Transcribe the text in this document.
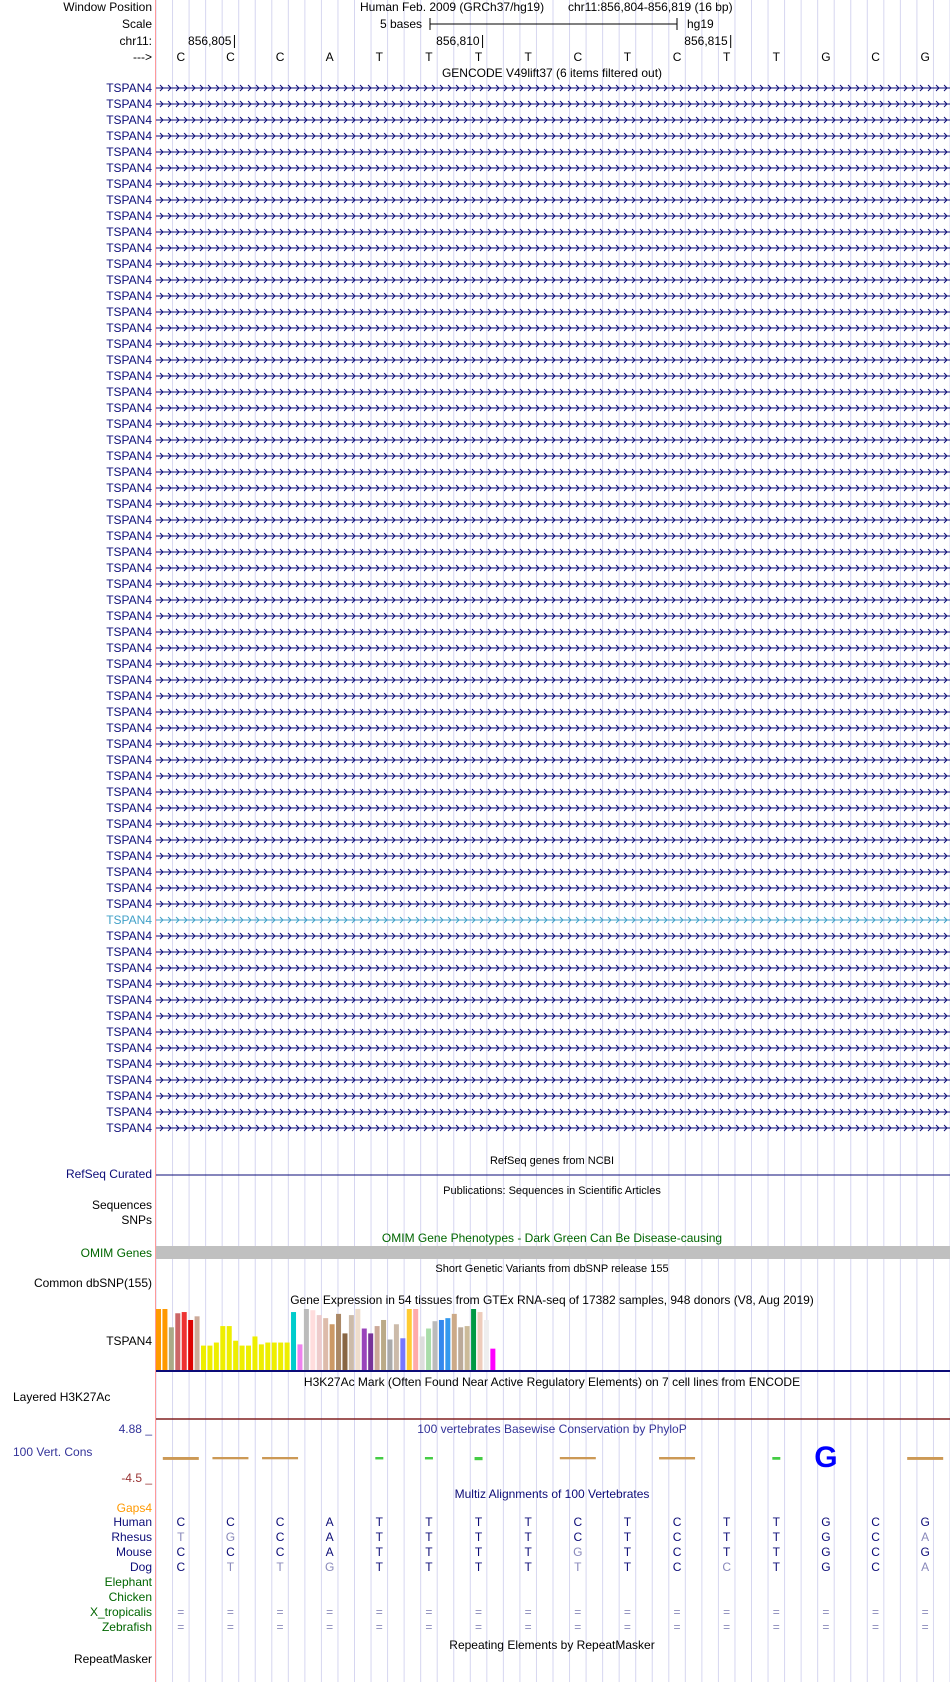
G
Window Position
Scale
chr11:
--->
Human Feb. 2009 (GRCh37/hg19) chr11:856,804-856,819 (16 bp)
5 bases	hg19
GENCODE V49lift37 (6 items filtered out)
RefSeq genes from NCBI
RefSeq Curated
Publications: Sequences in Scientific Articles
Sequences
SNPs
OMIM Gene Phenotypes - Dark Green Can Be Disease-causing
OMIM Genes
Short Genetic Variants from dbSNP release 155
Common dbSNP(155)
Gene Expression in 54 tissues from GTEx RNA-seq of 17382 samples, 948 donors (V8, Aug 2019)
TSPAN4
H3K27Ac Mark (Often Found Near Active Regulatory Elements) on 7 cell lines from ENCODE
Layered H3K27Ac
100 vertebrates Basewise Conservation by PhyloP
4.88 _
100 Vert. Cons
-4.5 _
Multiz Alignments of 100 Vertebrates
Gaps4
Repeating Elements by RepeatMasker
RepeatMasker
856,805	856,810	856,815
C	C	C	A	T	T	T	T	C	T	C	T	T	G	C	G
TSPAN4
TSPAN4
TSPAN4
TSPAN4
TSPAN4
TSPAN4
TSPAN4
TSPAN4
TSPAN4
TSPAN4
TSPAN4
TSPAN4
TSPAN4
TSPAN4
TSPAN4
TSPAN4
TSPAN4
TSPAN4
TSPAN4
TSPAN4
TSPAN4
TSPAN4
TSPAN4
TSPAN4
TSPAN4
TSPAN4
TSPAN4
TSPAN4
TSPAN4
TSPAN4
TSPAN4
TSPAN4
TSPAN4
TSPAN4
TSPAN4
TSPAN4
TSPAN4
TSPAN4
TSPAN4
TSPAN4
TSPAN4
TSPAN4
TSPAN4
TSPAN4
TSPAN4
TSPAN4
TSPAN4
TSPAN4
TSPAN4
TSPAN4
TSPAN4
TSPAN4
TSPAN4
TSPAN4
TSPAN4
TSPAN4
TSPAN4
TSPAN4
TSPAN4
TSPAN4
TSPAN4
TSPAN4
TSPAN4
TSPAN4
TSPAN4
TSPAN4
Human C	C	C	A	T	T	T	T	C	T	C	T	T	G	C	G
Rhesus T	G	C	A	T	T	T	T	C	T	C	T	T	G	C	A
Mouse C	C	C	A	T	T	T	T	G	T	C	T	T	G	C	G
Dog C	T	T	G	T	T	T	T	T	T	C	C	T	G	C	A
Elephant
Chicken
X_tropicalis =	=	=	=	=	=	=	=	=	=	=	=	=	=	=	=
Zebrafish =	=	=	=	=	=	=	=	=	=	=	=	=	=	=	=
